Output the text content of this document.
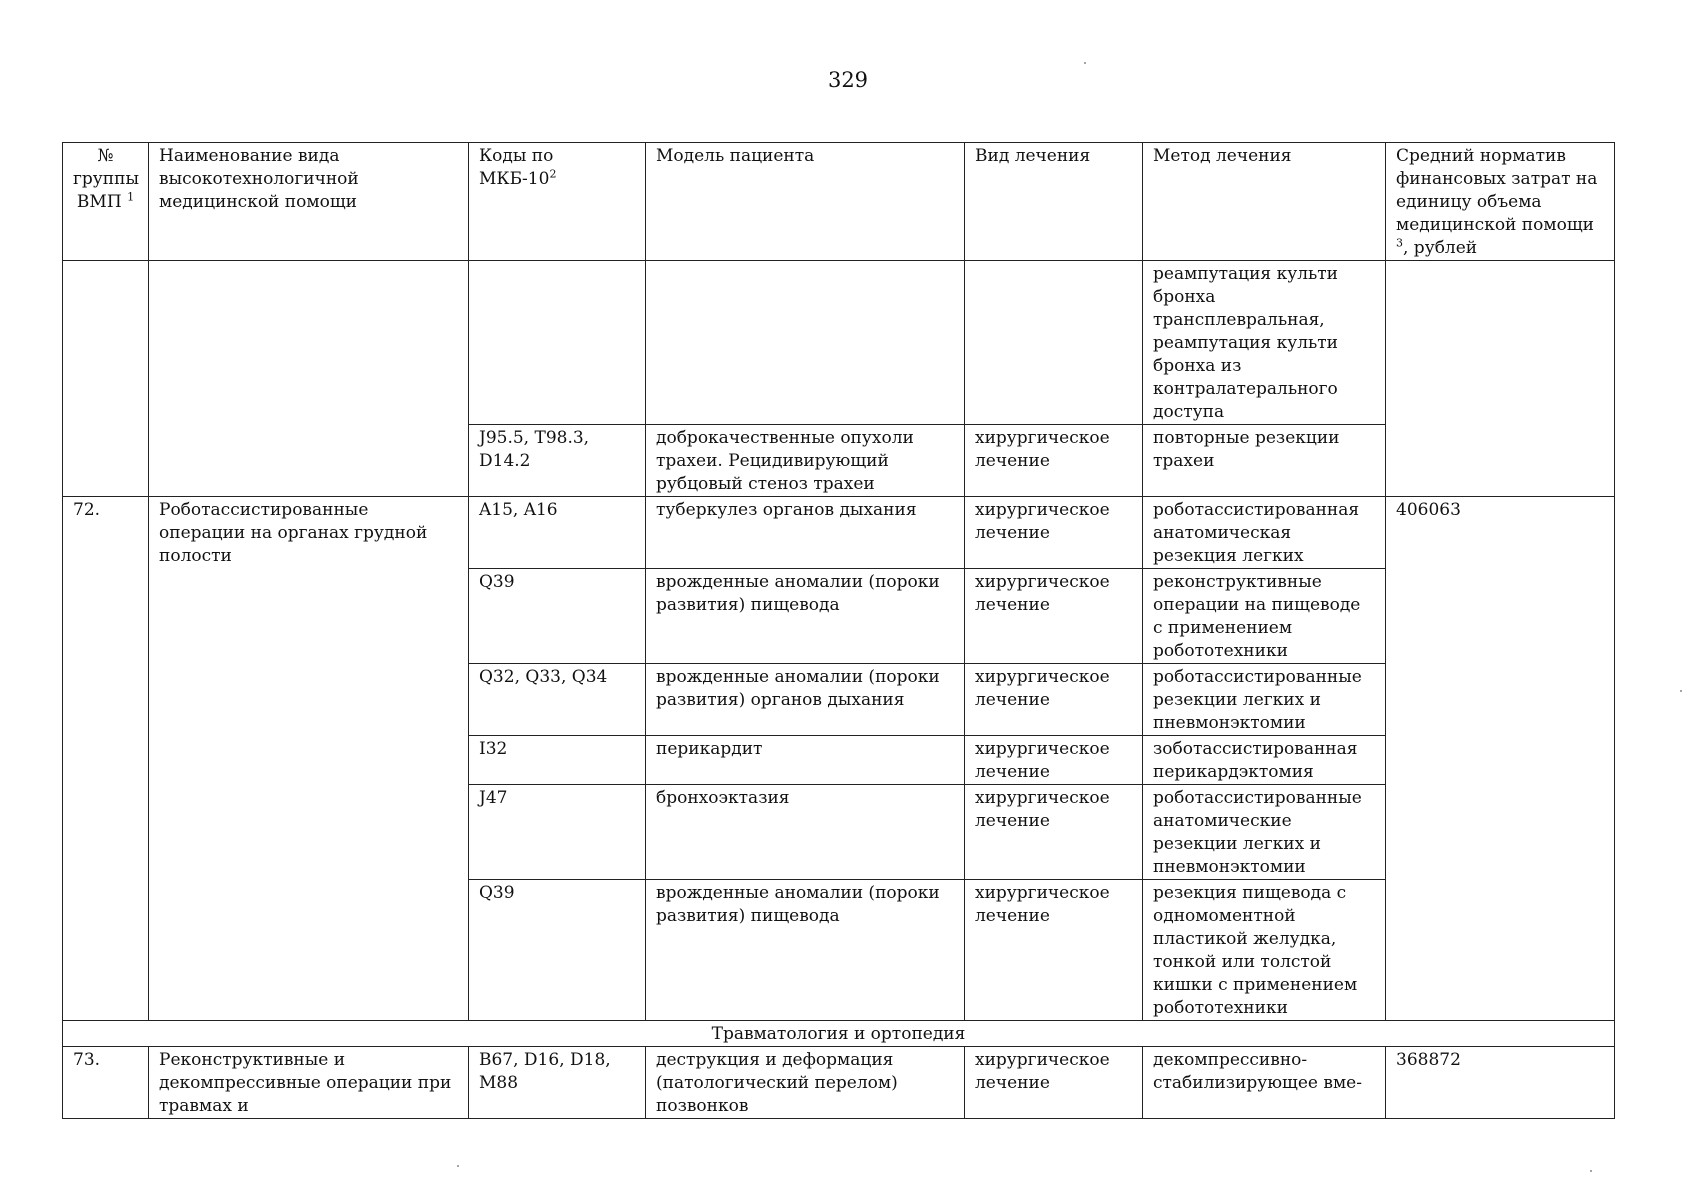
329
№ группы ВМП $^1$	Наименование вида высокотехнологичной медицинской помощи	Коды по МКБ-$10^2$	Модель пациента	Вид лечения	Метод лечения	Средний норматив финансовых затрат на единицу объема медицинской помощи $^3$, рублей
					реампутация культи бронха трансплевральная, реампутация культи бронха из контралатерального доступа	
		J95.5, T98.3, D14.2	доброкачественные опухоли трахеи. Рецидивирующий рубцовый стеноз трахеи	хирургическое лечение	повторные резекции трахеи	
72.	Роботассистированные операции на органах грудной полости	A15, A16	туберкулез органов дыхания	хирургическое лечение	роботассистированная анатомическая резекция легких	406063
		Q39	врожденные аномалии (пороки развития) пищевода	хирургическое лечение	реконструктивные операции на пищеводе с применением робототехники	
		Q32, Q33, Q34	врожденные аномалии (пороки развития) органов дыхания	хирургическое лечение	роботассистированные резекции легких и пневмонэктомии	
		I32	перикардит	хирургическое лечение	зоботассистированная перикардэктомия	
		J47	бронхоэктазия	хирургическое лечение	роботассистированные анатомические резекции легких и пневмонэктомии	
		Q39	врожденные аномалии (пороки развития) пищевода	хирургическое лечение	резекция пищевода с одномоментной пластикой желудка, тонкой или толстой кишки с применением робототехники	
Травматология и ортопедия						
73.	Реконструктивные и декомпрессивные операции при травмах и	B67, D16, D18, M88	деструкция и деформация (патологический перелом) позвонков	хирургическое лечение	декомпрессивно-стабилизирующее вме-	368872
